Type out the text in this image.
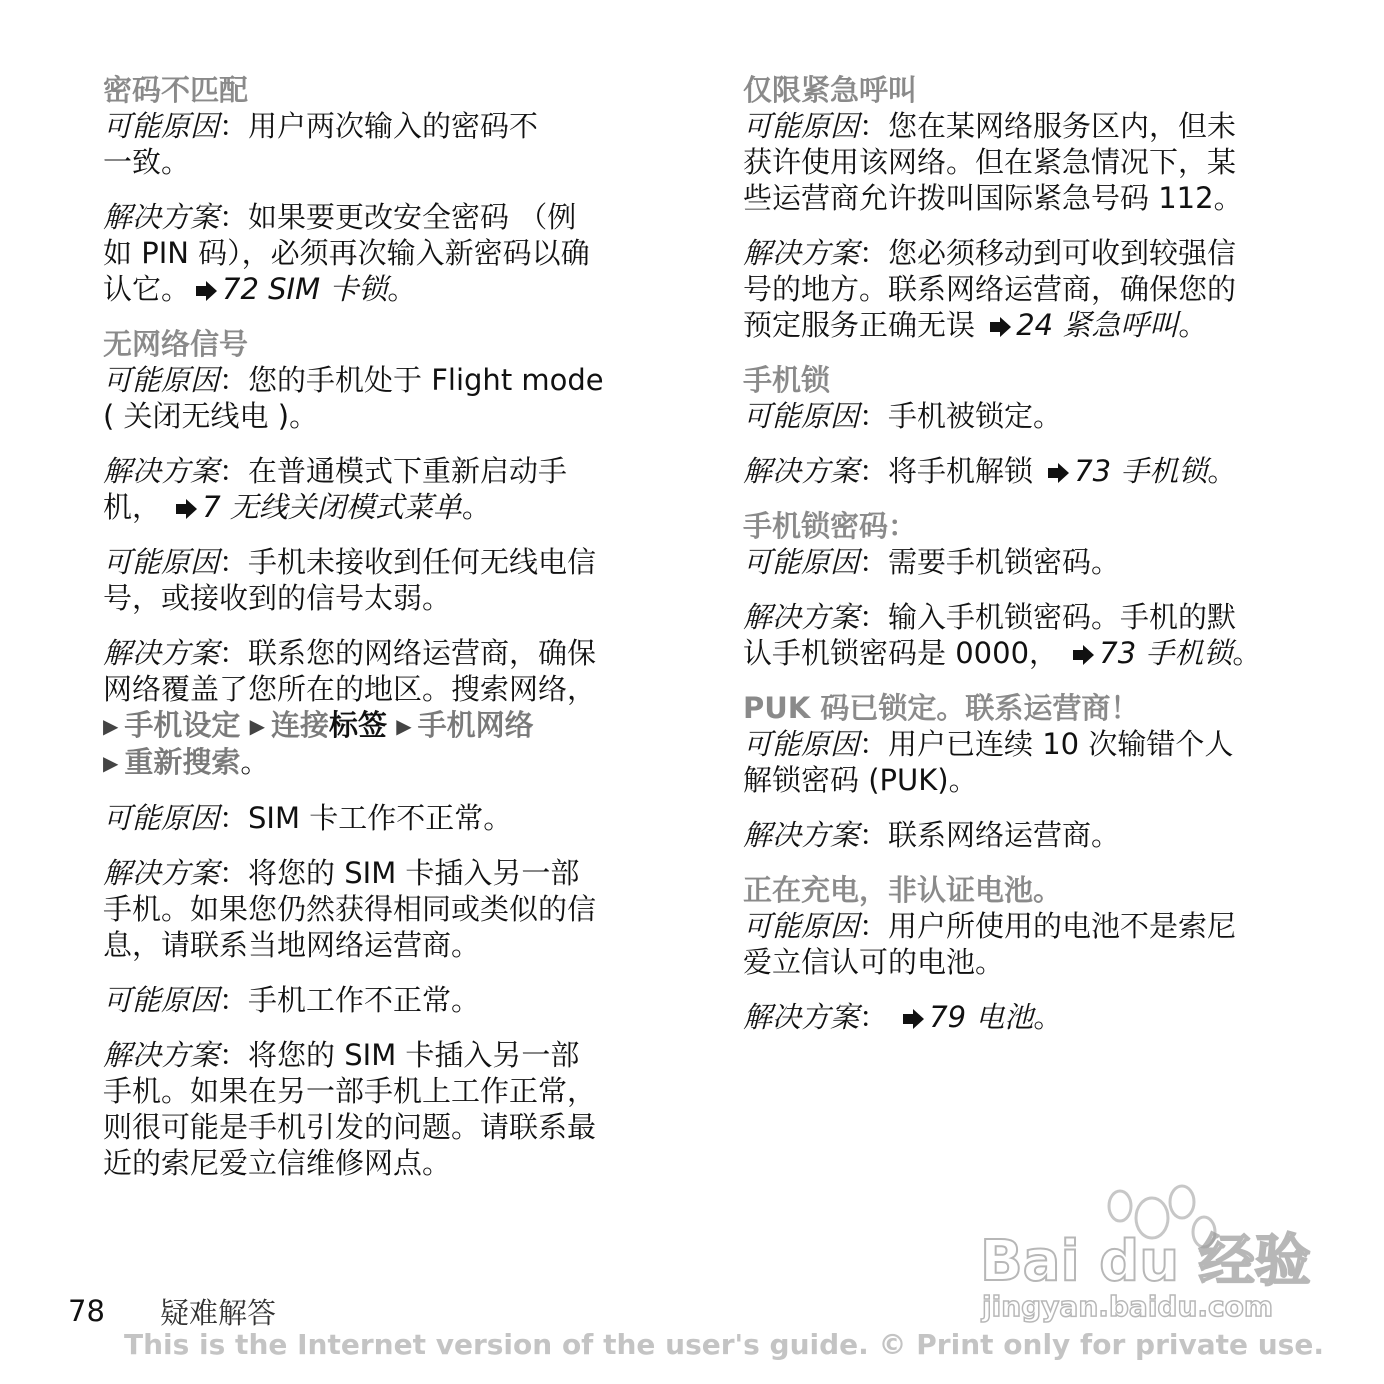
密码不匹配
可能原因：用户两次输入的密码不
一致。
解决方案：如果要更改安全密码 （例
如 PIN 码），必须再次输入新密码以确
认它。 72 SIM 卡锁。
无网络信号
可能原因：您的手机处于 Flight mode
( 关闭无线电 )。
解决方案：在普通模式下重新启动手
机， 7 无线关闭模式菜单。
可能原因：手机未接收到任何无线电信
号，或接收到的信号太弱。
解决方案：联系您的网络运营商，确保
网络覆盖了您所在的地区。搜索网络，
▶ 手机设定 ▶ 连接标签 ▶ 手机网络
▶ 重新搜索。
可能原因：SIM 卡工作不正常。
解决方案：将您的 SIM 卡插入另一部
手机。如果您仍然获得相同或类似的信
息，请联系当地网络运营商。
可能原因：手机工作不正常。
解决方案：将您的 SIM 卡插入另一部
手机。如果在另一部手机上工作正常，
则很可能是手机引发的问题。请联系最
近的索尼爱立信维修网点。
仅限紧急呼叫
可能原因：您在某网络服务区内，但未
获许使用该网络。但在紧急情况下，某
些运营商允许拨叫国际紧急号码 112。
解决方案：您必须移动到可收到较强信
号的地方。联系网络运营商，确保您的
预定服务正确无误 24 紧急呼叫。
手机锁
可能原因：手机被锁定。
解决方案：将手机解锁 73 手机锁。
手机锁密码：
可能原因：需要手机锁密码。
解决方案：输入手机锁密码。手机的默
认手机锁密码是 0000， 73 手机锁。
PUK 码已锁定。联系运营商！
可能原因：用户已连续 10 次输错个人
解锁密码 (PUK)。
解决方案：联系网络运营商。
正在充电，非认证电池。
可能原因：用户所使用的电池不是索尼
爱立信认可的电池。
解决方案： 79 电池。
78 疑难解答
This is the Internet version of the user's guide. © Print only for private use.
Bai du 经验
jingyan.baidu.com
